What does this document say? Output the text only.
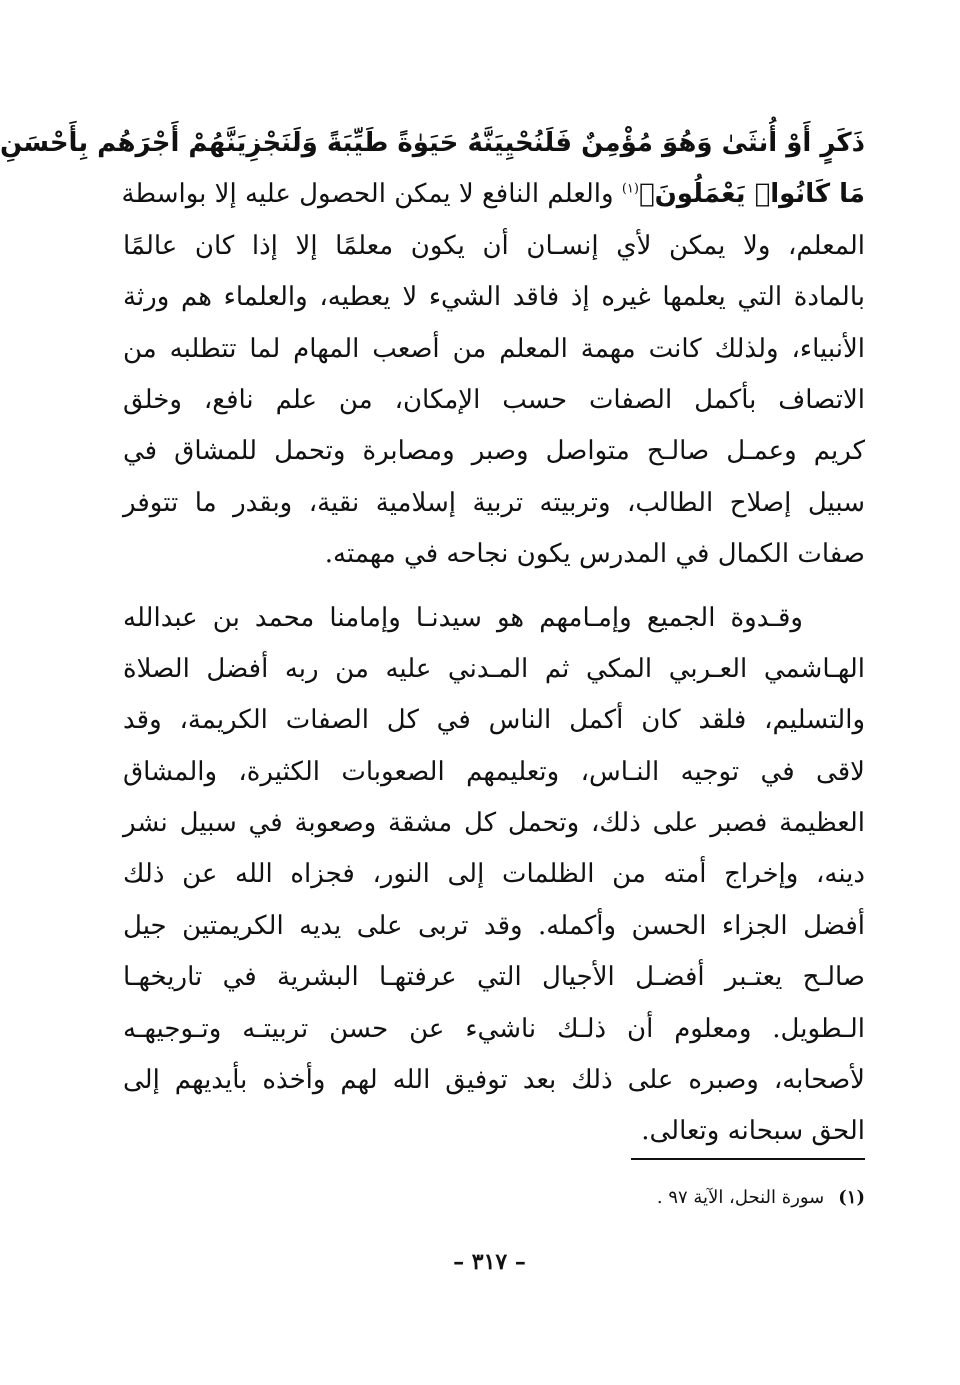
ذَكَرٍ أَوْ أُنثَىٰ وَهُوَ مُؤْمِنٌ فَلَنُحْيِيَنَّهُ حَيَوٰةً طَيِّبَةً وَلَنَجْزِيَنَّهُمْ أَجْرَهُم بِأَحْسَنِ
مَا كَانُوا۟ يَعْمَلُونَ﴾$^{(١)}$ والعلم النافع لا يمكن الحصول عليه إلا بواسطة
المعلم، ولا يمكن لأي إنسـان أن يكون معلمًا إلا إذا كان عالمًا
بالمادة التي يعلمها غيره إذ فاقد الشيء لا يعطيه، والعلماء هم ورثة
الأنبياء، ولذلك كانت مهمة المعلم من أصعب المهام لما تتطلبه من
الاتصاف بأكمل الصفات حسب الإمكان، من علم نافع، وخلق
كريم وعمـل صالـح متواصل وصبر ومصابرة وتحمل للمشاق في
سبيل إصلاح الطالب، وتربيته تربية إسلامية نقية، وبقدر ما تتوفر
صفات الكمال في المدرس يكون نجاحه في مهمته.
وقـدوة الجميع وإمـامهم هو سيدنـا وإمامنا محمد بن عبدالله
الهـاشمي العـربي المكي ثم المـدني عليه من ربه أفضل الصلاة
والتسليم، فلقد كان أكمل الناس في كل الصفات الكريمة، وقد
لاقى في توجيه النـاس، وتعليمهم الصعوبات الكثيرة، والمشاق
العظيمة فصبر على ذلك، وتحمل كل مشقة وصعوبة في سبيل نشر
دينه، وإخراج أمته من الظلمات إلى النور، فجزاه الله عن ذلك
أفضل الجزاء الحسن وأكمله. وقد تربى على يديه الكريمتين جيل
صالـح يعتـبر أفضـل الأجيال التي عرفتهـا البشرية في تاريخهـا
الـطويل. ومعلوم أن ذلـك ناشيء عن حسن تربيتـه وتـوجيهـه
لأصحابه، وصبره على ذلك بعد توفيق الله لهم وأخذه بأيديهم إلى
الحق سبحانه وتعالى.
(١)سورة النحل، الآية ٩٧ .
– ٣١٧ –
